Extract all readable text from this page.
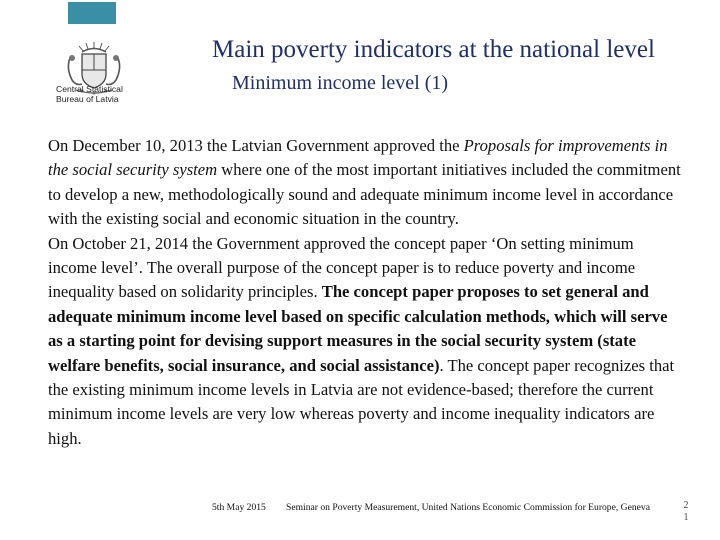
Central Statistical
Bureau of Latvia
Main poverty indicators at the national level
Minimum income level (1)

On December 10, 2013 the Latvian Government approved the Proposals for improvements in the social security system where one of the most important initiatives included the commitment to develop a new, methodologically sound and adequate minimum income level in accordance with the existing social and economic situation in the country.

On October 21, 2014 the Government approved the concept paper ‘On setting minimum income level’. The overall purpose of the concept paper is to reduce poverty and income inequality based on solidarity principles. The concept paper proposes to set general and adequate minimum income level based on specific calculation methods, which will serve as a starting point for devising support measures in the social security system (state welfare benefits, social insurance, and social assistance). The concept paper recognizes that the existing minimum income levels in Latvia are not evidence-based; therefore the current minimum income levels are very low whereas poverty and income inequality indicators are high.

5th May 2015 Seminar on Poverty Measurement, United Nations Economic Commission for Europe, Geneva	2
1
